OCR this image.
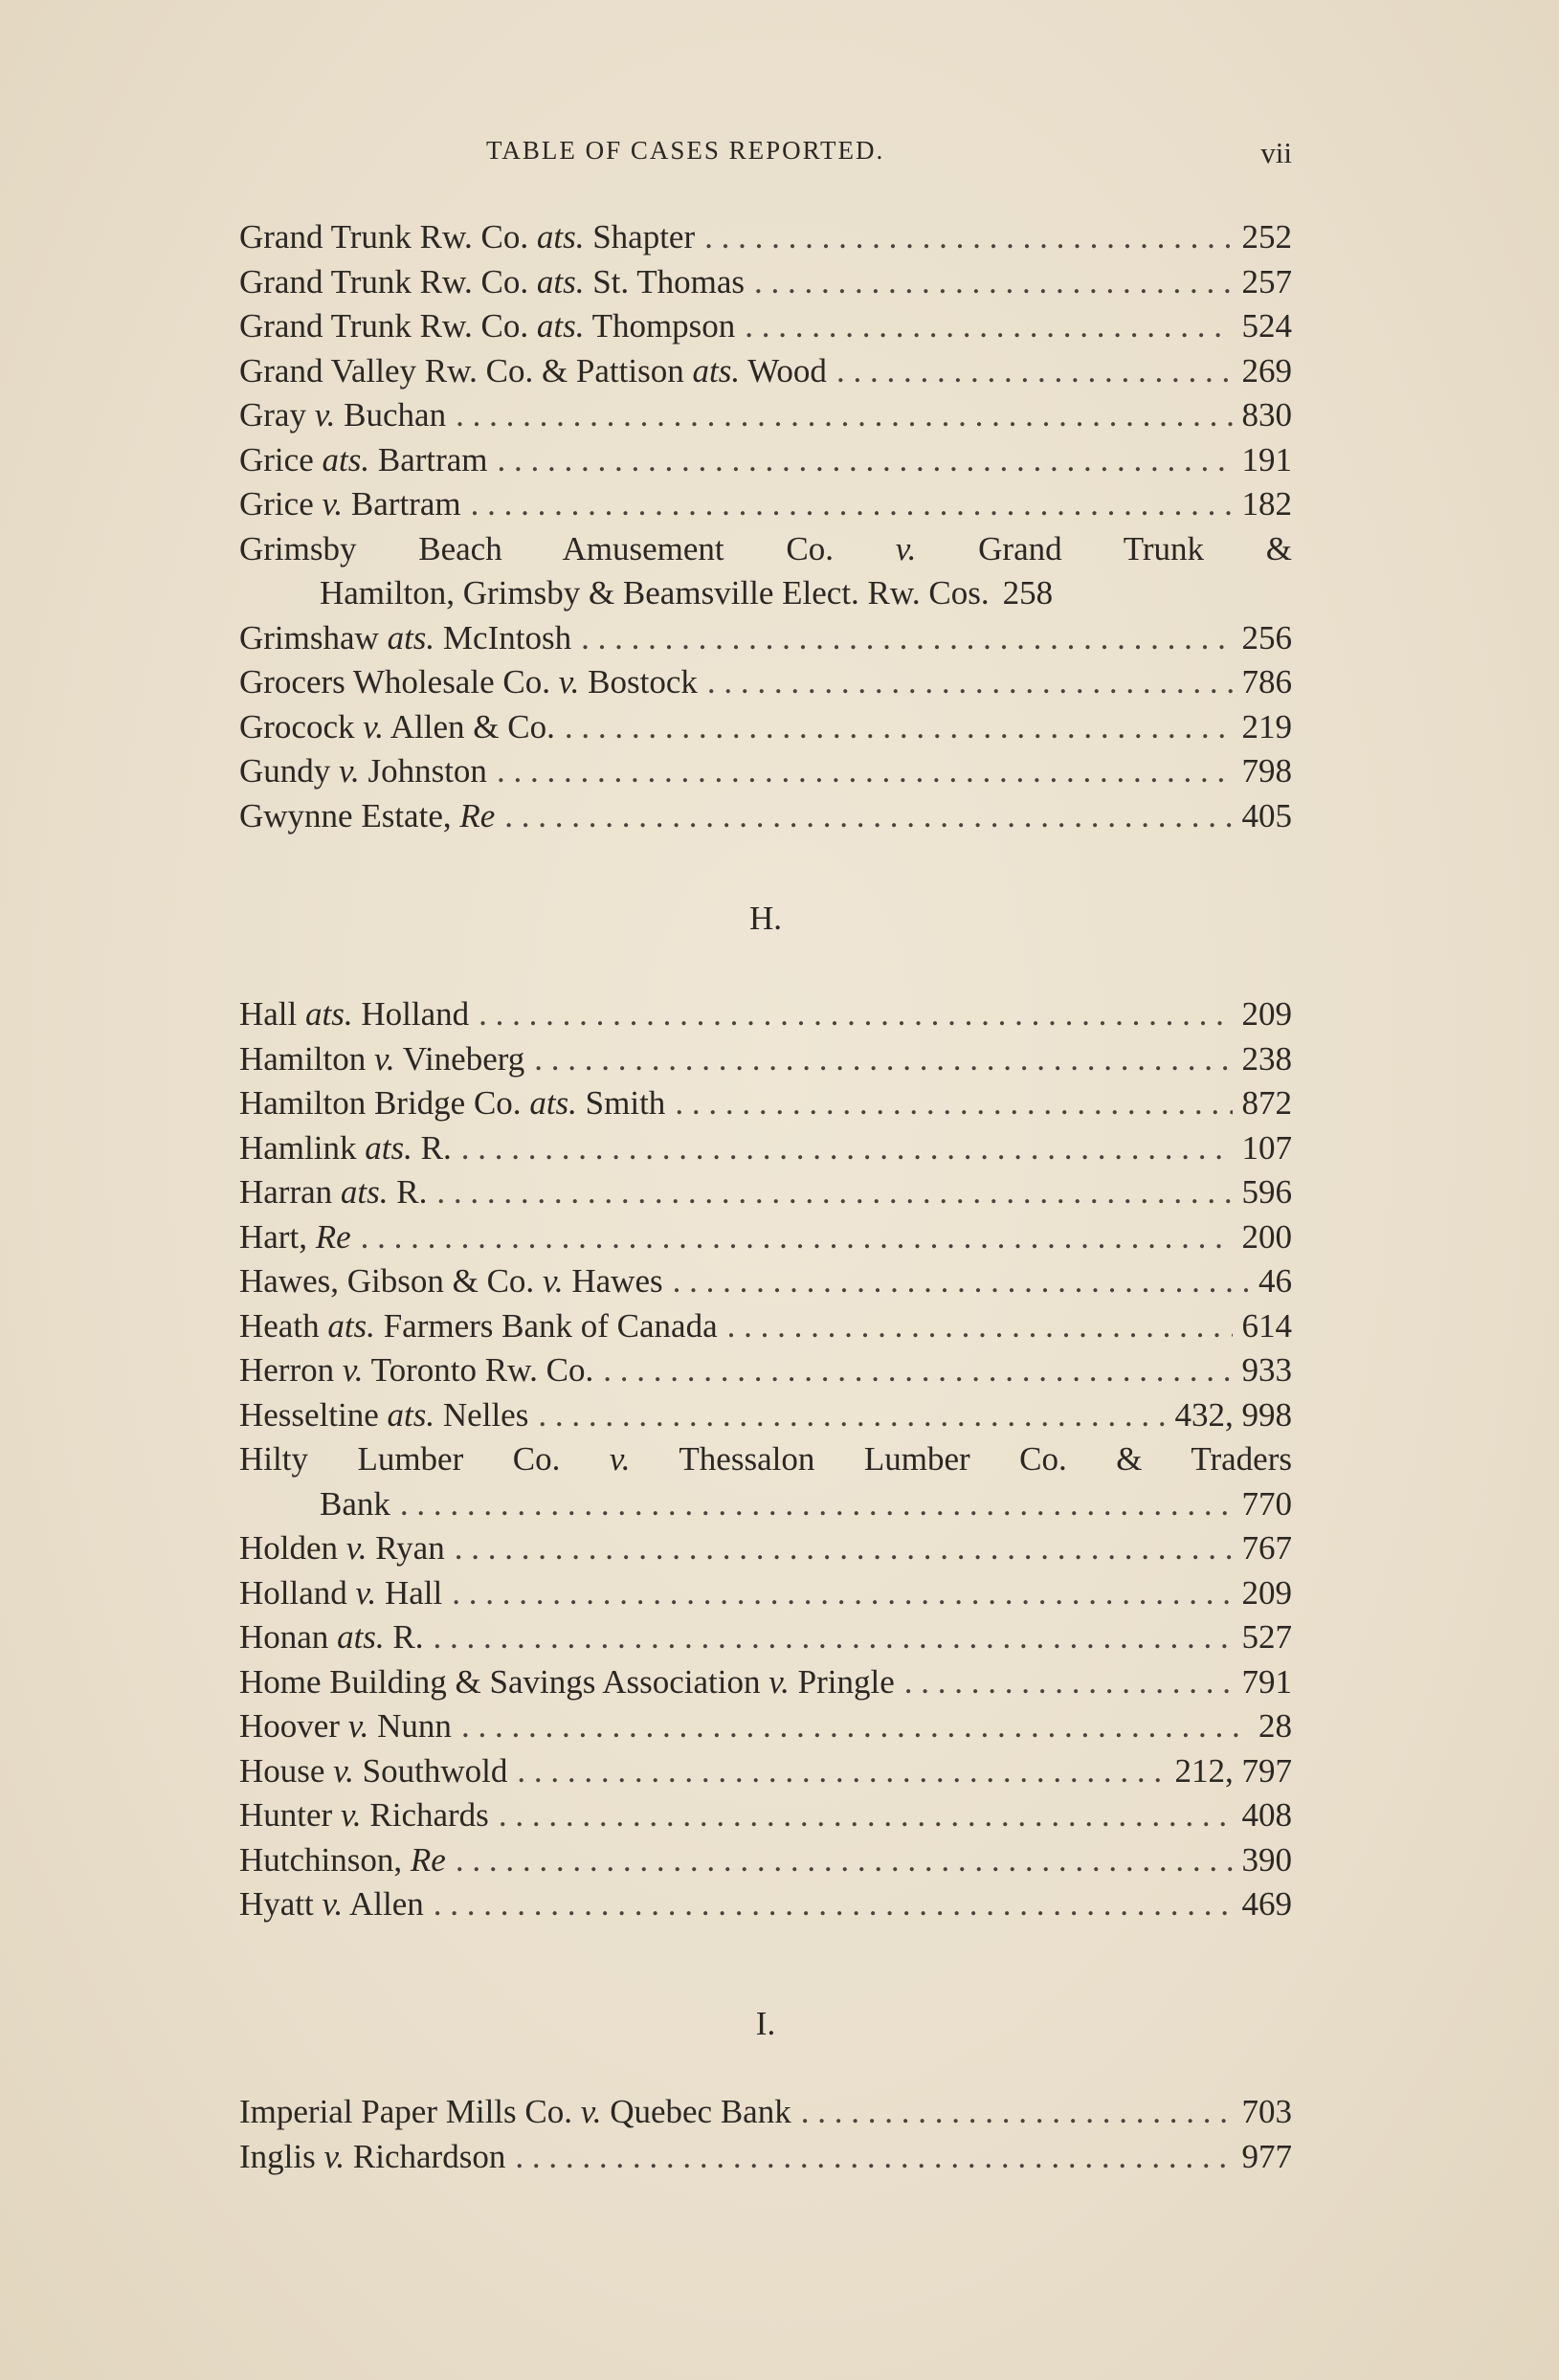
TABLE OF CASES REPORTED.	vii
Grand Trunk Rw. Co. ats. Shapter . . .	252
Grand Trunk Rw. Co. ats. St. Thomas . . .	257
Grand Trunk Rw. Co. ats. Thompson . . .	524
Grand Valley Rw. Co. & Pattison ats. Wood . . .	269
Gray v. Buchan . . .	830
Grice ats. Bartram . . .	191
Grice v. Bartram . . .	182
Grimsby Beach Amusement Co. v. Grand Trunk &
Hamilton, Grimsby & Beamsville Elect. Rw. Cos. 258
Grimshaw ats. McIntosh . . .	256
Grocers Wholesale Co. v. Bostock . . .	786
Grocock v. Allen & Co. . . .	219
Gundy v. Johnston . . .	798
Gwynne Estate, Re . . .	405
H.
Hall ats. Holland . . .	209
Hamilton v. Vineberg . . .	238
Hamilton Bridge Co. ats. Smith . . .	872
Hamlink ats. R. . . .	107
Harran ats. R. . . .	596
Hart, Re . . .	200
Hawes, Gibson & Co. v. Hawes . . .	46
Heath ats. Farmers Bank of Canada . . .	614
Herron v. Toronto Rw. Co. . . .	933
Hesseltine ats. Nelles . . .	432, 998
Hilty Lumber Co. v. Thessalon Lumber Co. & Traders
Bank . . .	770
Holden v. Ryan . . .	767
Holland v. Hall . . .	209
Honan ats. R. . . .	527
Home Building & Savings Association v. Pringle . . .	791
Hoover v. Nunn . . .	28
House v. Southwold . . .	212, 797
Hunter v. Richards . . .	408
Hutchinson, Re . . .	390
Hyatt v. Allen . . .	469
I.
Imperial Paper Mills Co. v. Quebec Bank . . .	703
Inglis v. Richardson . . .	977
